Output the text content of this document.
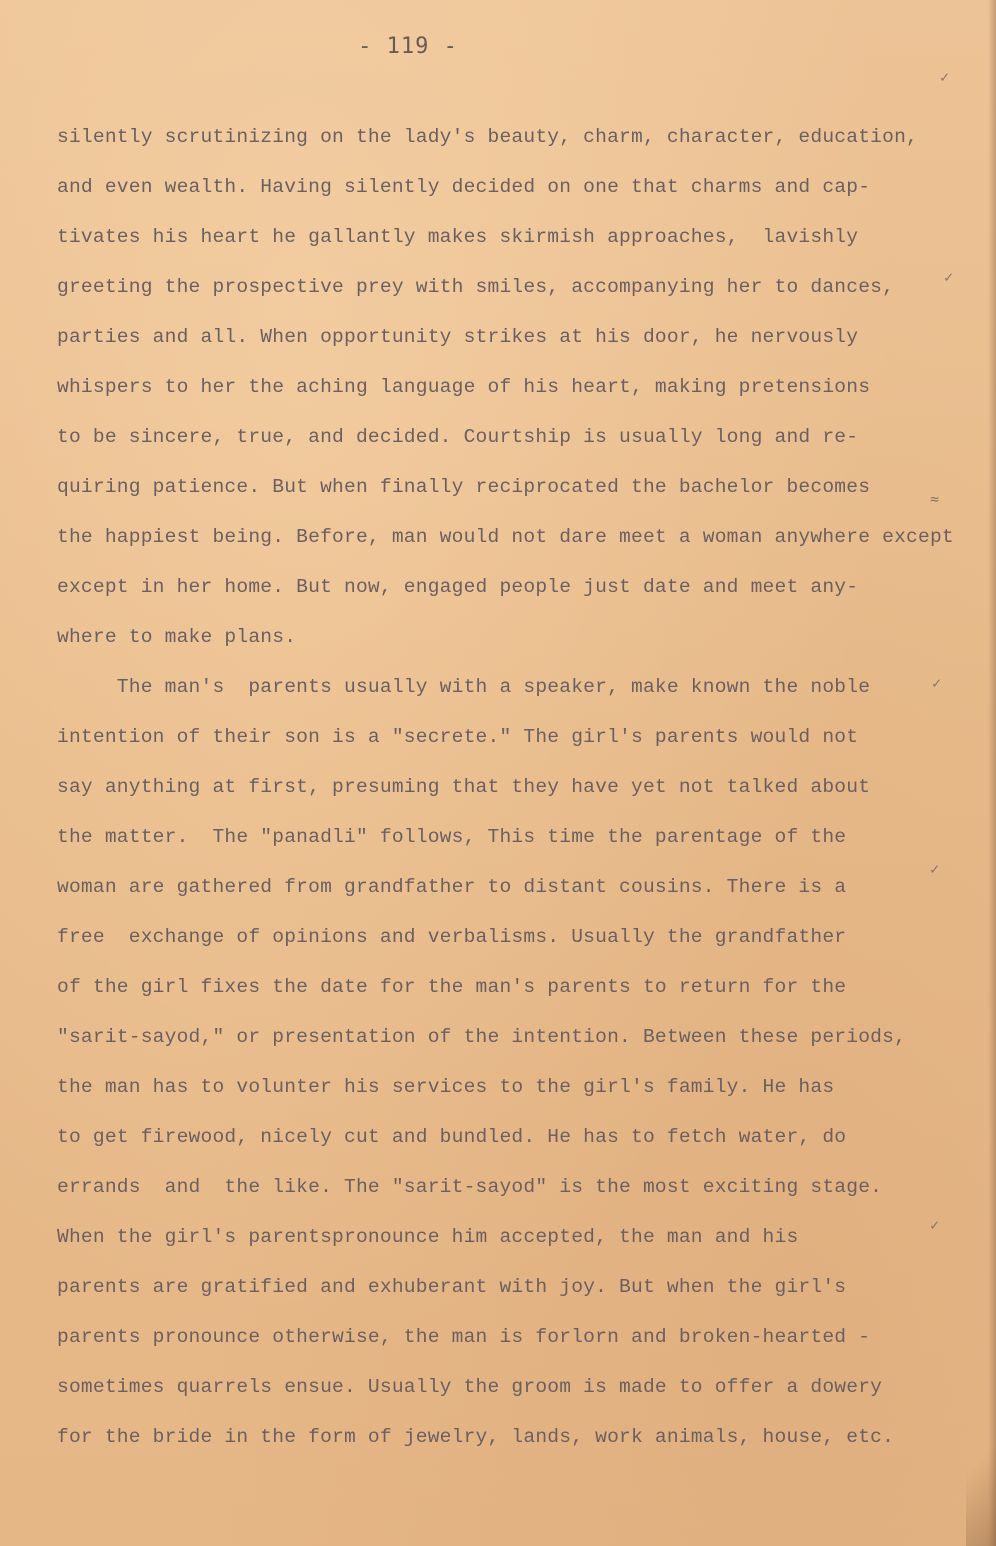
- 119 -
silently scrutinizing on the lady's beauty, charm, character, education,
and even wealth. Having silently decided on one that charms and cap-
tivates his heart he gallantly makes skirmish approaches,  lavishly
greeting the prospective prey with smiles, accompanying her to dances,
parties and all. When opportunity strikes at his door, he nervously
whispers to her the aching language of his heart, making pretensions
to be sincere, true, and decided. Courtship is usually long and re-
quiring patience. But when finally reciprocated the bachelor becomes
the happiest being. Before, man would not dare meet a woman anywhere except
except in her home. But now, engaged people just date and meet any-
where to make plans.
The man's  parents usually with a speaker, make known the noble
intention of their son is a "secrete." The girl's parents would not
say anything at first, presuming that they have yet not talked about
the matter.  The "panadli" follows, This time the parentage of the
woman are gathered from grandfather to distant cousins. There is a
free  exchange of opinions and verbalisms. Usually the grandfather
of the girl fixes the date for the man's parents to return for the
"sarit-sayod," or presentation of the intention. Between these periods,
the man has to volunter his services to the girl's family. He has
to get firewood, nicely cut and bundled. He has to fetch water, do
errands  and  the like. The "sarit-sayod" is the most exciting stage.
When the girl's parentspronounce him accepted, the man and his
parents are gratified and exhuberant with joy. But when the girl's
parents pronounce otherwise, the man is forlorn and broken-hearted -
sometimes quarrels ensue. Usually the groom is made to offer a dowery
for the bride in the form of jewelry, lands, work animals, house, etc.
✓
✓
≈
✓
✓
✓
